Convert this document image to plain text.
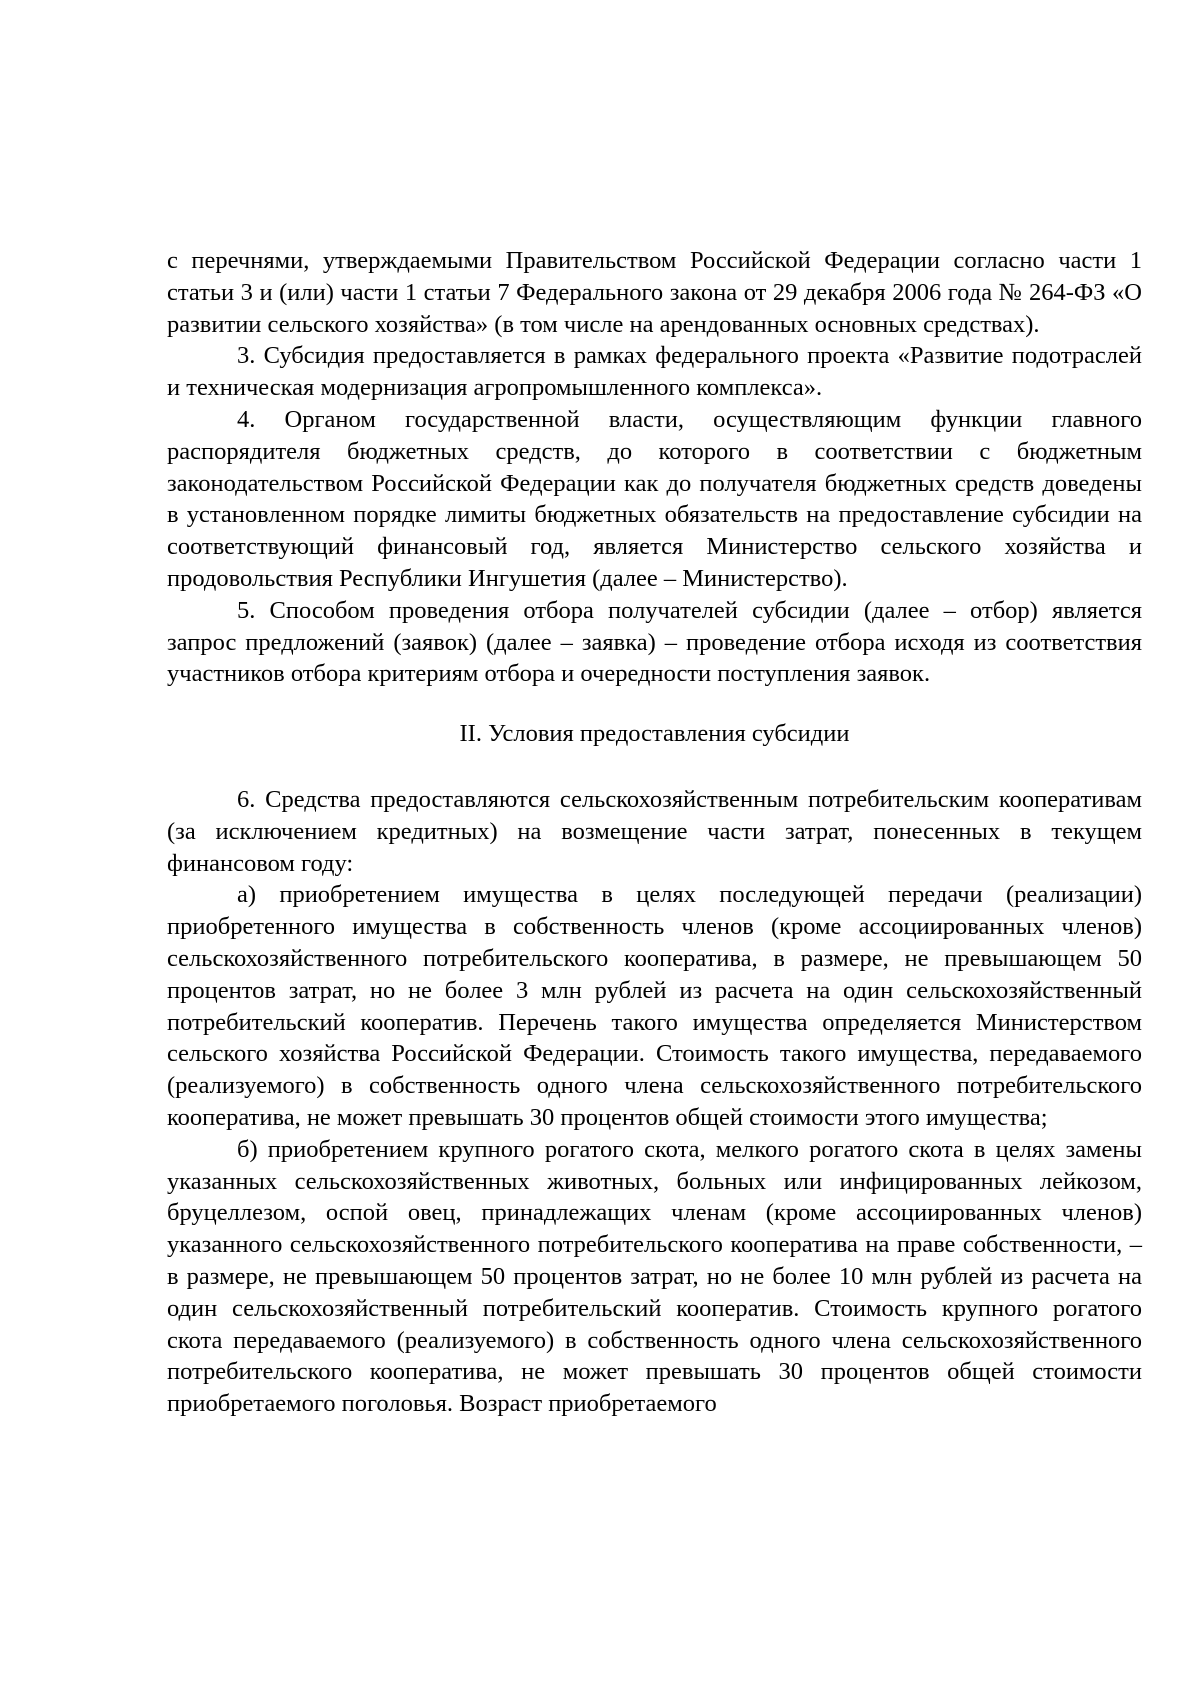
с перечнями, утверждаемыми Правительством Российской Федерации согласно части 1 статьи 3 и (или) части 1 статьи 7 Федерального закона от 29 декабря 2006 года № 264-ФЗ «О развитии сельского хозяйства» (в том числе на арендованных основных средствах).

3. Субсидия предоставляется в рамках федерального проекта «Развитие подотраслей и техническая модернизация агропромышленного комплекса».

4. Органом государственной власти, осуществляющим функции главного распорядителя бюджетных средств, до которого в соответствии с бюджетным законодательством Российской Федерации как до получателя бюджетных средств доведены в установленном порядке лимиты бюджетных обязательств на предоставление субсидии на соответствующий финансовый год, является Министерство сельского хозяйства и продовольствия Республики Ингушетия (далее – Министерство).

5. Способом проведения отбора получателей субсидии (далее – отбор) является запрос предложений (заявок) (далее – заявка) – проведение отбора исходя из соответствия участников отбора критериям отбора и очередности поступления заявок.

II. Условия предоставления субсидии

6. Средства предоставляются сельскохозяйственным потребительским кооперативам (за исключением кредитных) на возмещение части затрат, понесенных в текущем финансовом году:

а) приобретением имущества в целях последующей передачи (реализации) приобретенного имущества в собственность членов (кроме ассоциированных членов) сельскохозяйственного потребительского кооператива, в размере, не превышающем 50 процентов затрат, но не более 3 млн рублей из расчета на один сельскохозяйственный потребительский кооператив. Перечень такого имущества определяется Министерством сельского хозяйства Российской Федерации. Стоимость такого имущества, передаваемого (реализуемого) в собственность одного члена сельскохозяйственного потребительского кооператива, не может превышать 30 процентов общей стоимости этого имущества;

б) приобретением крупного рогатого скота, мелкого рогатого скота в целях замены указанных сельскохозяйственных животных, больных или инфицированных лейкозом, бруцеллезом, оспой овец, принадлежащих членам (кроме ассоциированных членов) указанного сельскохозяйственного потребительского кооператива на праве собственности, – в размере, не превышающем 50 процентов затрат, но не более 10 млн рублей из расчета на один сельскохозяйственный потребительский кооператив. Стоимость крупного рогатого скота передаваемого (реализуемого) в собственность одного члена сельскохозяйственного потребительского кооператива, не может превышать 30 процентов общей стоимости приобретаемого поголовья. Возраст приобретаемого
